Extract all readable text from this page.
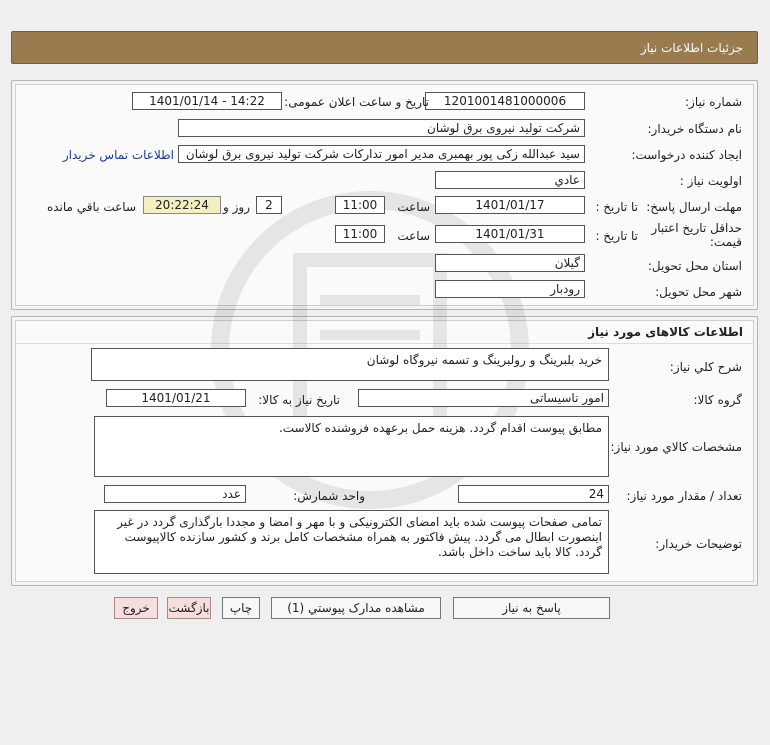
جزئيات اطلاعات نياز
اطلاعات کالاهای مورد نياز
شماره نياز:
1201001481000006
تاريخ و ساعت اعلان عمومی:
1401/01/14 - 14:22
نام دستگاه خريدار:
شرکت تولید نیروی برق لوشان
ايجاد کننده درخواست:
سید عبدالله زکی پور بهمبری مدیر امور تدارکات شرکت تولید نیروی برق لوشان
اطلاعات تماس خريدار
اولويت نياز :
عادي
مهلت ارسال پاسخ:
تا تاريخ :
1401/01/17
ساعت
11:00
2
روز و
20:22:24
ساعت باقي مانده
حداقل تاريخ اعتبار قيمت:
تا تاريخ :
1401/01/31
ساعت
11:00
استان محل تحويل:
گیلان
شهر محل تحويل:
رودبار
شرح کلي نياز:
خرید بلبرینگ و رولبرینگ و تسمه نیروگاه لوشان
گروه کالا:
امور تاسیساتی
تاريخ نياز به کالا:
1401/01/21
مشخصات کالاي مورد نياز:
مطابق پیوست اقدام گردد. هزینه حمل برعهده فروشنده کالاست.
تعداد / مقدار مورد نياز:
24
واحد شمارش:
عدد
توضيحات خريدار:
تمامی صفحات پیوست شده باید امضای الکترونیکی و با مهر و امضا و مجددا بارگذاری گردد در غیر اینصورت ابطال می گردد. پیش فاکتور به همراه مشخصات کامل برند و کشور سازنده کالاپیوست گردد. کالا باید ساخت داخل باشد.
پاسخ به نياز
مشاهده مدارک پيوستي (1)
چاپ
بازگشت
خروج
